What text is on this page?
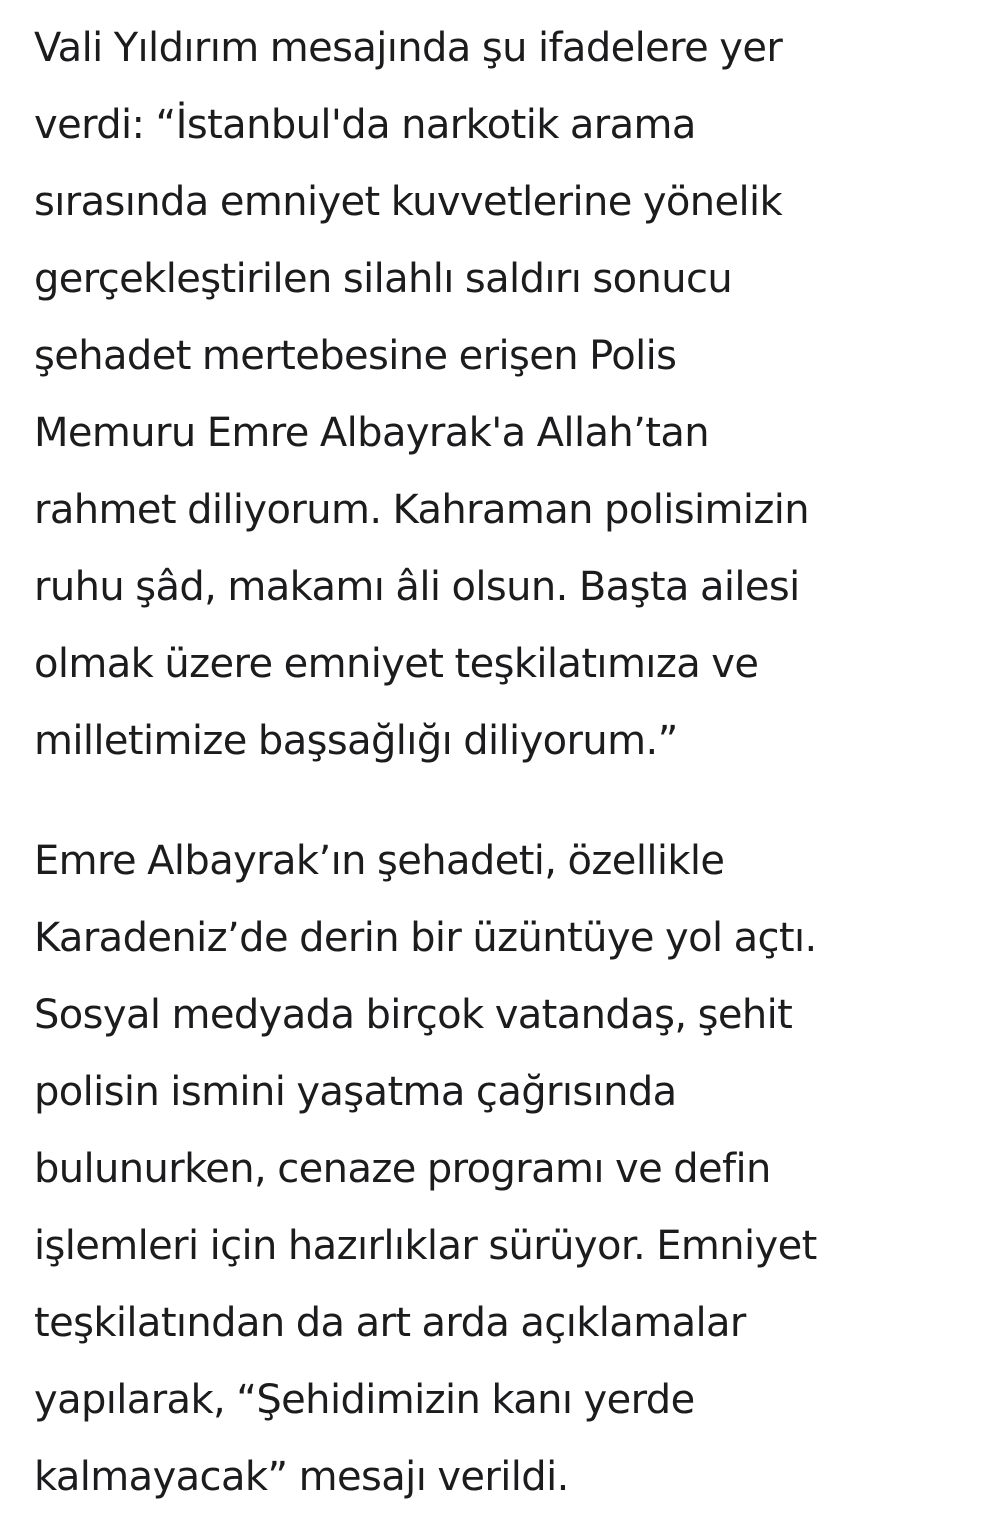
Vali Yıldırım mesajında şu ifadelere yer
verdi: “İstanbul'da narkotik arama
sırasında emniyet kuvvetlerine yönelik
gerçekleştirilen silahlı saldırı sonucu
şehadet mertebesine erişen Polis
Memuru Emre Albayrak'a Allah’tan
rahmet diliyorum. Kahraman polisimizin
ruhu şâd, makamı âli olsun. Başta ailesi
olmak üzere emniyet teşkilatımıza ve
milletimize başsağlığı diliyorum.”
Emre Albayrak’ın şehadeti, özellikle
Karadeniz’de derin bir üzüntüye yol açtı.
Sosyal medyada birçok vatandaş, şehit
polisin ismini yaşatma çağrısında
bulunurken, cenaze programı ve defin
işlemleri için hazırlıklar sürüyor. Emniyet
teşkilatından da art arda açıklamalar
yapılarak, “Şehidimizin kanı yerde
kalmayacak” mesajı verildi.
